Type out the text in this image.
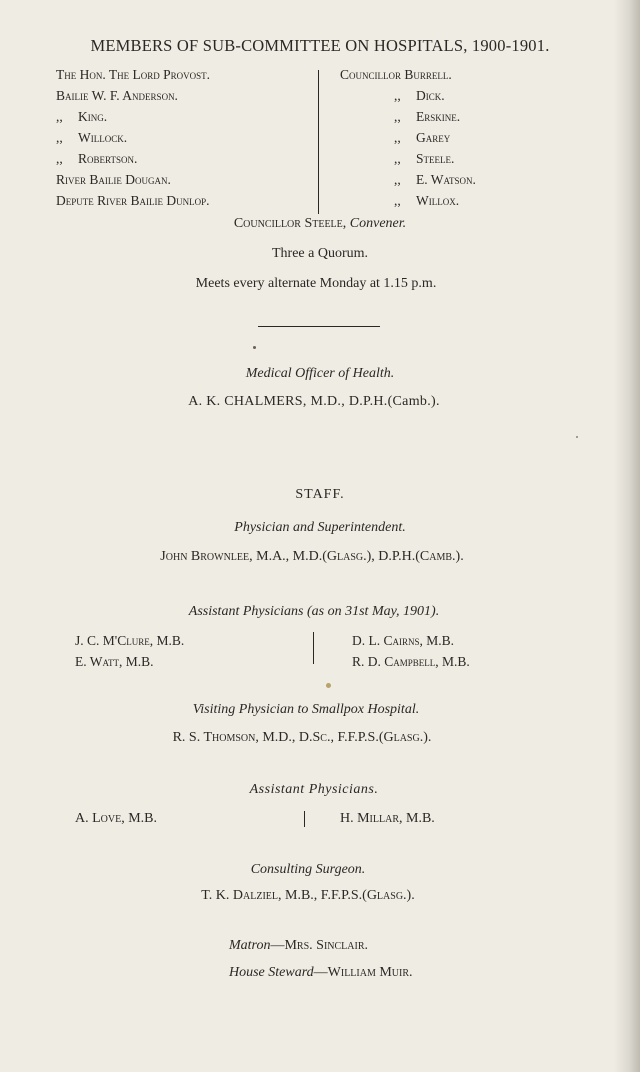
MEMBERS OF SUB-COMMITTEE ON HOSPITALS, 1900-1901.
The Hon. The Lord Provost.
Bailie W. F. Anderson.
,, King.
,, Willock.
,, Robertson.
River Bailie Dougan.
Depute River Bailie Dunlop.
Councillor Burrell.
,, Dick.
,, Erskine.
,, Garey
,, Steele.
,, E. Watson.
,, Willox.
Councillor Steele, Convener.
Three a Quorum.
Meets every alternate Monday at 1.15 p.m.
Medical Officer of Health.
A. K. CHALMERS, M.D., D.P.H.(Camb.).
STAFF.
Physician and Superintendent.
John Brownlee, M.A., M.D.(Glasg.), D.P.H.(Camb.).
Assistant Physicians (as on 31st May, 1901).
J. C. M'Clure, M.B.
E. Watt, M.B.
D. L. Cairns, M.B.
R. D. Campbell, M.B.
Visiting Physician to Smallpox Hospital.
R. S. Thomson, M.D., D.Sc., F.F.P.S.(Glasg.).
Assistant Physicians.
A. Love, M.B.	H. Millar, M.B.
Consulting Surgeon.
T. K. Dalziel, M.B., F.F.P.S.(Glasg.).
Matron—Mrs. Sinclair.
House Steward—William Muir.
